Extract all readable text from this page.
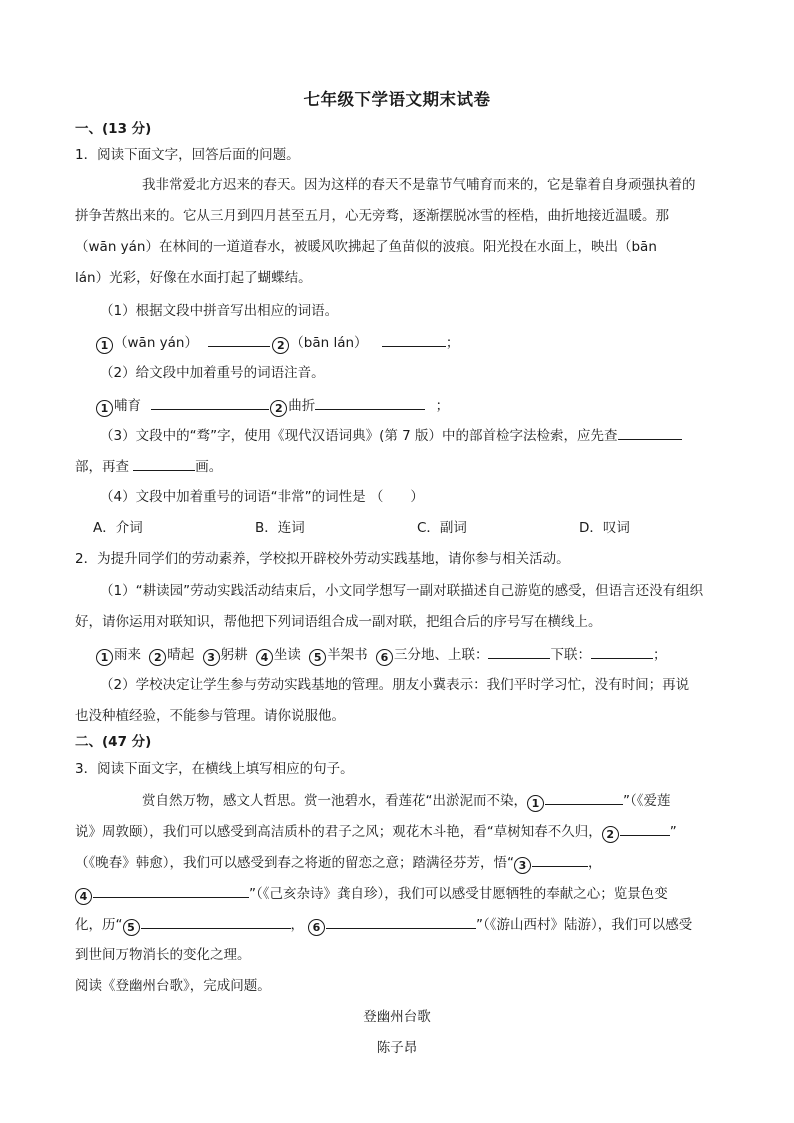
七年级下学语文期末试卷
一、(13 分)
1．阅读下面文字，回答后面的问题。
我非常爱北方迟来的春天。因为这样的春天不是靠节气哺育而来的，它是靠着自身顽强执着的
拼争苦熬出来的。它从三月到四月甚至五月，心无旁骛，逐渐摆脱冰雪的桎梏，曲折地接近温暖。那
（wān yán）在林间的一道道春水，被暖风吹拂起了鱼苗似的波痕。阳光投在水面上，映出（bān
lán）光彩，好像在水面打起了蝴蝶结。
（1）根据文段中拼音写出相应的词语。
1 （wān yán）	2 （bān lán）	；
（2）给文段中加着重号的词语注音。
1 哺育	2 曲折	；
（3）文段中的“骛”字，使用《现代汉语词典》(第 7 版）中的部首检字法检索，应先查
部，再查	画。
（4）文段中加着重号的词语“非常”的词性是 （　　）
A．介词	B．连词	C．副词	D．叹词
2．为提升同学们的劳动素养，学校拟开辟校外劳动实践基地，请你参与相关活动。
（1）“耕读园”劳动实践活动结束后，小文同学想写一副对联描述自己游览的感受，但语言还没有组织
好，请你运用对联知识，帮他把下列词语组合成一副对联，把组合后的序号写在横线上。
1 雨来 2 晴起 3 躬耕 4 坐读 5 半架书 6 三分地、上联：	下联：	；
（2）学校决定让学生参与劳动实践基地的管理。朋友小冀表示：我们平时学习忙，没有时间；再说
也没种植经验，不能参与管理。请你说服他。
二、(47 分)
3．阅读下面文字，在横线上填写相应的句子。
赏自然万物，感文人哲思。赏一池碧水，看莲花“出淤泥而不染， 1	”（《爱莲
说》周敦颐），我们可以感受到高洁质朴的君子之风；观花木斗艳，看“草树知春不久归， 2	”
（《晚春》韩愈），我们可以感受到春之将逝的留恋之意；踏满径芬芳，悟“ 3	，
4	”（《己亥杂诗》龚自珍），我们可以感受甘愿牺牲的奉献之心；览景色变
化，历“ 5	， 6	”（《游山西村》陆游），我们可以感受
到世间万物消长的变化之理。
阅读《登幽州台歌》，完成问题。
登幽州台歌
陈子昂
